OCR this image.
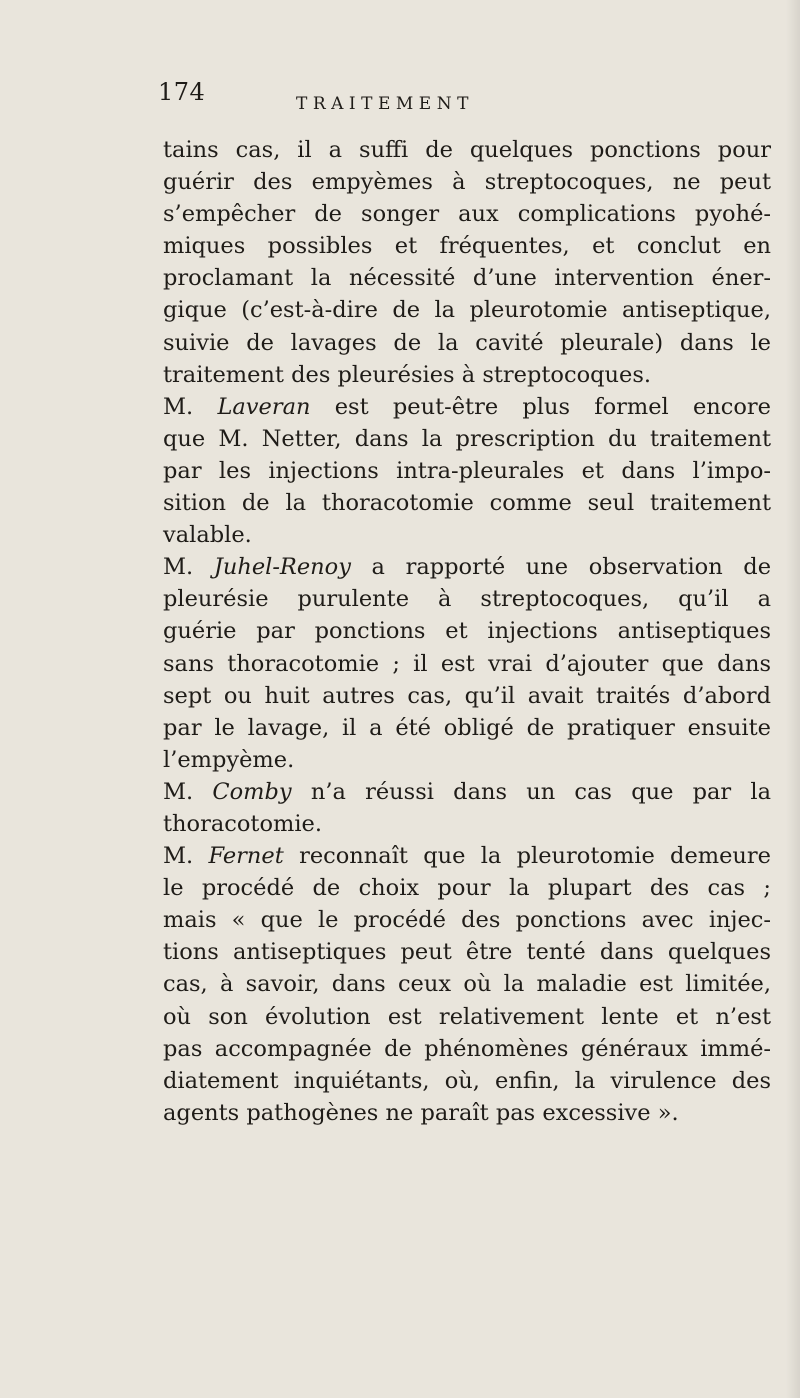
174	TRAITEMENT
tains cas, il a suffi de quelques ponctions pour
guérir des empyèmes à streptocoques, ne peut
s’empêcher de songer aux complications pyohé-
miques possibles et fréquentes, et conclut en
proclamant la nécessité d’une intervention éner-
gique (c’est-à-dire de la pleurotomie antiseptique,
suivie de lavages de la cavité pleurale) dans le
traitement des pleurésies à streptocoques.
M. Laveran est peut-être plus formel encore
que M. Netter, dans la prescription du traitement
par les injections intra-pleurales et dans l’impo-
sition de la thoracotomie comme seul traitement
valable.
M. Juhel-Renoy a rapporté une observation de
pleurésie purulente à streptocoques, qu’il a
guérie par ponctions et injections antiseptiques
sans thoracotomie ; il est vrai d’ajouter que dans
sept ou huit autres cas, qu’il avait traités d’abord
par le lavage, il a été obligé de pratiquer ensuite
l’empyème.
M. Comby n’a réussi dans un cas que par la
thoracotomie.
M. Fernet reconnaît que la pleurotomie demeure
le procédé de choix pour la plupart des cas ;
mais « que le procédé des ponctions avec injec-
tions antiseptiques peut être tenté dans quelques
cas, à savoir, dans ceux où la maladie est limitée,
où son évolution est relativement lente et n’est
pas accompagnée de phénomènes généraux immé-
diatement inquiétants, où, enfin, la virulence des
agents pathogènes ne paraît pas excessive ».
